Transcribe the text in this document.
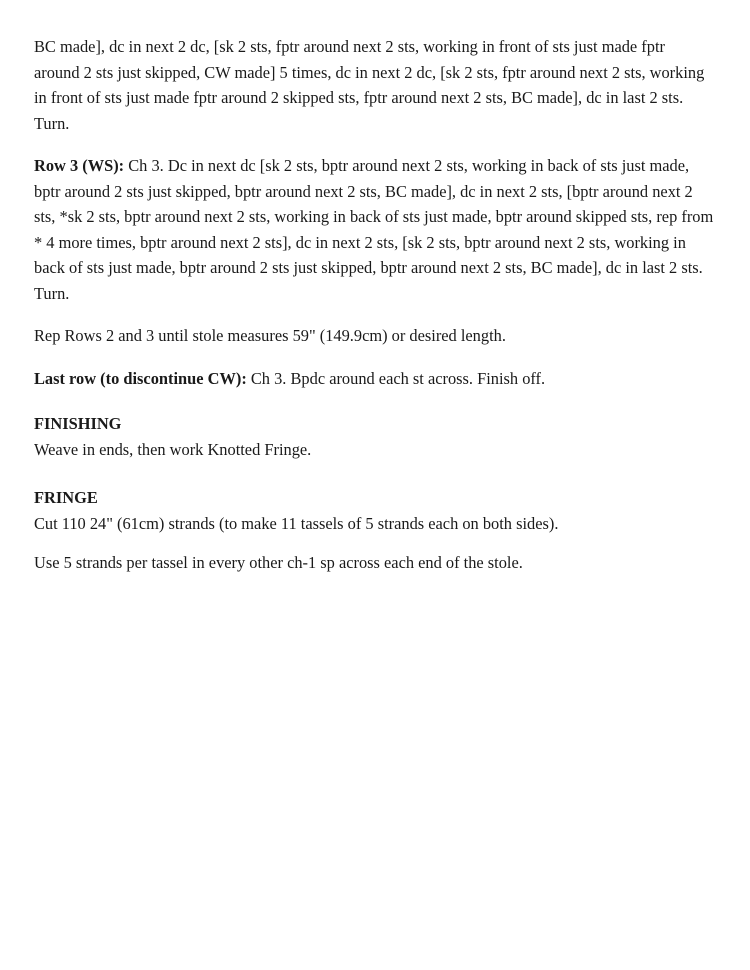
BC made], dc in next 2 dc, [sk 2 sts, fptr around next 2 sts, working in front of sts just made fptr around 2 sts just skipped, CW made] 5 times, dc in next 2 dc, [sk 2 sts, fptr around next 2 sts, working in front of sts just made fptr around 2 skipped sts, fptr around next 2 sts, BC made], dc in last 2 sts. Turn.

Row 3 (WS): Ch 3. Dc in next dc [sk 2 sts, bptr around next 2 sts, working in back of sts just made, bptr around 2 sts just skipped, bptr around next 2 sts, BC made], dc in next 2 sts, [bptr around next 2 sts, *sk 2 sts, bptr around next 2 sts, working in back of sts just made, bptr around skipped sts, rep from * 4 more times, bptr around next 2 sts], dc in next 2 sts, [sk 2 sts, bptr around next 2 sts, working in back of sts just made, bptr around 2 sts just skipped, bptr around next 2 sts, BC made], dc in last 2 sts. Turn.

Rep Rows 2 and 3 until stole measures 59" (149.9cm) or desired length.

Last row (to discontinue CW): Ch 3. Bpdc around each st across. Finish off.

FINISHING

Weave in ends, then work Knotted Fringe.

FRINGE

Cut 110 24" (61cm) strands (to make 11 tassels of 5 strands each on both sides).

Use 5 strands per tassel in every other ch-1 sp across each end of the stole.
